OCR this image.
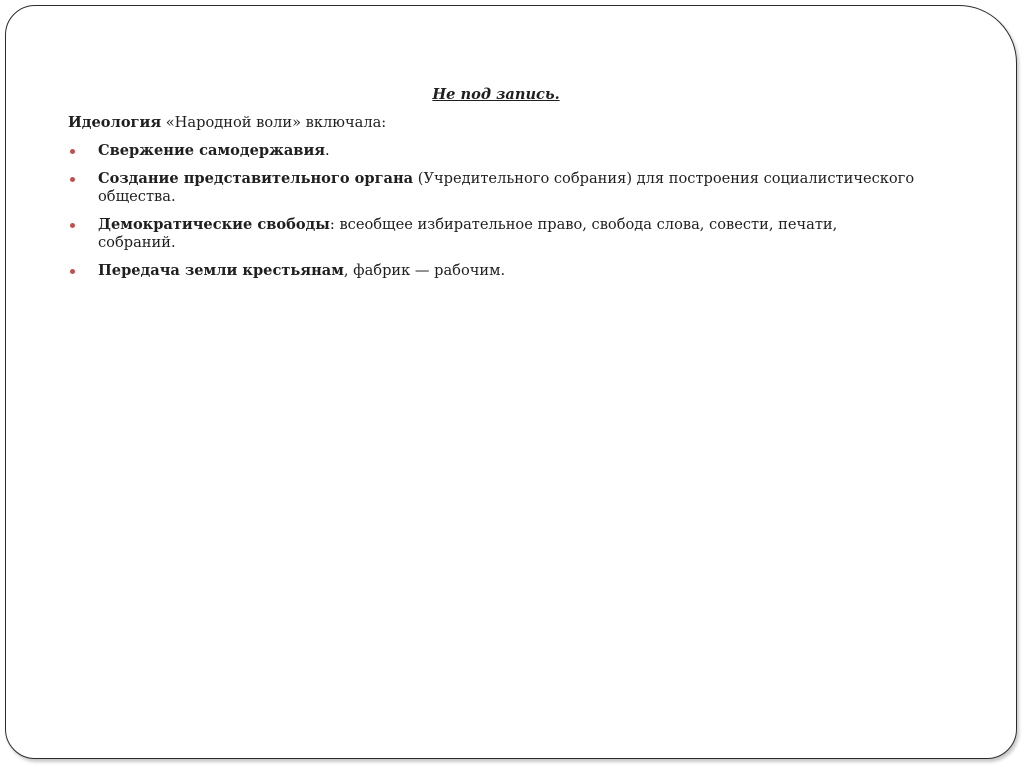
Не под запись.

Идеология «Народной воли» включала:

Свержение самодержавия.
Создание представительного органа (Учредительного собрания) для построения социалистического общества.
Демократические свободы: всеобщее избирательное право, свобода слова, совести, печати, собраний.
Передача земли крестьянам, фабрик — рабочим.
